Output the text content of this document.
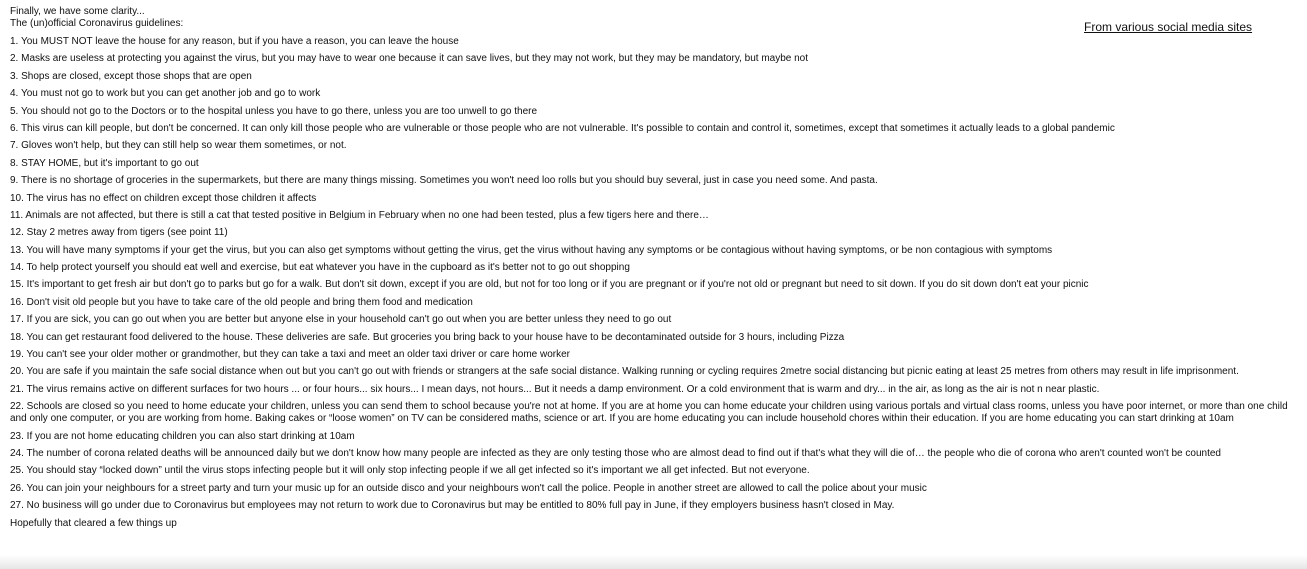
Finally, we have some clarity...
The (un)official Coronavirus guidelines:
1. You MUST NOT leave the house for any reason, but if you have a reason, you can leave the house
2. Masks are useless at protecting you against the virus, but you may have to wear one because it can save lives, but they may not work, but they may be mandatory, but maybe not
3. Shops are closed, except those shops that are open
4. You must not go to work but you can get another job and go to work
5. You should not go to the Doctors or to the hospital unless you have to go there, unless you are too unwell to go there
6. This virus can kill people, but don't be concerned. It can only kill those people who are vulnerable or those people who are not vulnerable. It's possible to contain and control it, sometimes, except that sometimes it actually leads to a global pandemic
7. Gloves won't help, but they can still help so wear them sometimes, or not.
8. STAY HOME, but it's important to go out
9. There is no shortage of groceries in the supermarkets, but there are many things missing. Sometimes you won't need loo rolls but you should buy several, just in case you need some. And pasta.
10. The virus has no effect on children except those children it affects
11. Animals are not affected, but there is still a cat that tested positive in Belgium in February when no one had been tested, plus a few tigers here and there…
12. Stay 2 metres away from tigers (see point 11)
13. You will have many symptoms if your get the virus, but you can also get symptoms without getting the virus, get the virus without having any symptoms or be contagious without having symptoms, or be non contagious with symptoms
14. To help protect yourself you should eat well and exercise, but eat whatever you have in the cupboard as it's better not to go out shopping
15. It's important to get fresh air but don't go to parks but go for a walk. But don't sit down, except if you are old, but not for too long or if you are pregnant or if you're not old or pregnant but need to sit down. If you do sit down don't eat your picnic
16. Don't visit old people but you have to take care of the old people and bring them food and medication
17. If you are sick, you can go out when you are better but anyone else in your household can't go out when you are better unless they need to go out
18. You can get restaurant food delivered to the house. These deliveries are safe. But groceries you bring back to your house have to be decontaminated outside for 3 hours, including Pizza
19. You can't see your older mother or grandmother, but they can take a taxi and meet an older taxi driver or care home worker
20. You are safe if you maintain the safe social distance when out but you can't go out with friends or strangers at the safe social distance. Walking running or cycling requires 2metre social distancing but picnic eating at least 25 metres from others may result in life imprisonment.
21. The virus remains active on different surfaces for two hours ... or four hours... six hours... I mean days, not hours... But it needs a damp environment. Or a cold environment that is warm and dry... in the air, as long as the air is not n near plastic.
22. Schools are closed so you need to home educate your children, unless you can send them to school because you're not at home. If you are at home you can home educate your children using various portals and virtual class rooms, unless you have poor internet, or more than one child and only one computer, or you are working from home. Baking cakes or “loose women” on TV can be considered maths, science or art. If you are home educating you can include household chores within their education. If you are home educating you can start drinking at 10am
23. If you are not home educating children you can also start drinking at 10am
24. The number of corona related deaths will be announced daily but we don't know how many people are infected as they are only testing those who are almost dead to find out if that's what they will die of… the people who die of corona who aren't counted won't be counted
25. You should stay “locked down” until the virus stops infecting people but it will only stop infecting people if we all get infected so it's important we all get infected. But not everyone.
26. You can join your neighbours for a street party and turn your music up for an outside disco and your neighbours won't call the police. People in another street are allowed to call the police about your music
27. No business will go under due to Coronavirus but employees may not return to work due to Coronavirus but may be entitled to 80% full pay in June, if they employers business hasn't closed in May.
Hopefully that cleared a few things up
From various social media sites
